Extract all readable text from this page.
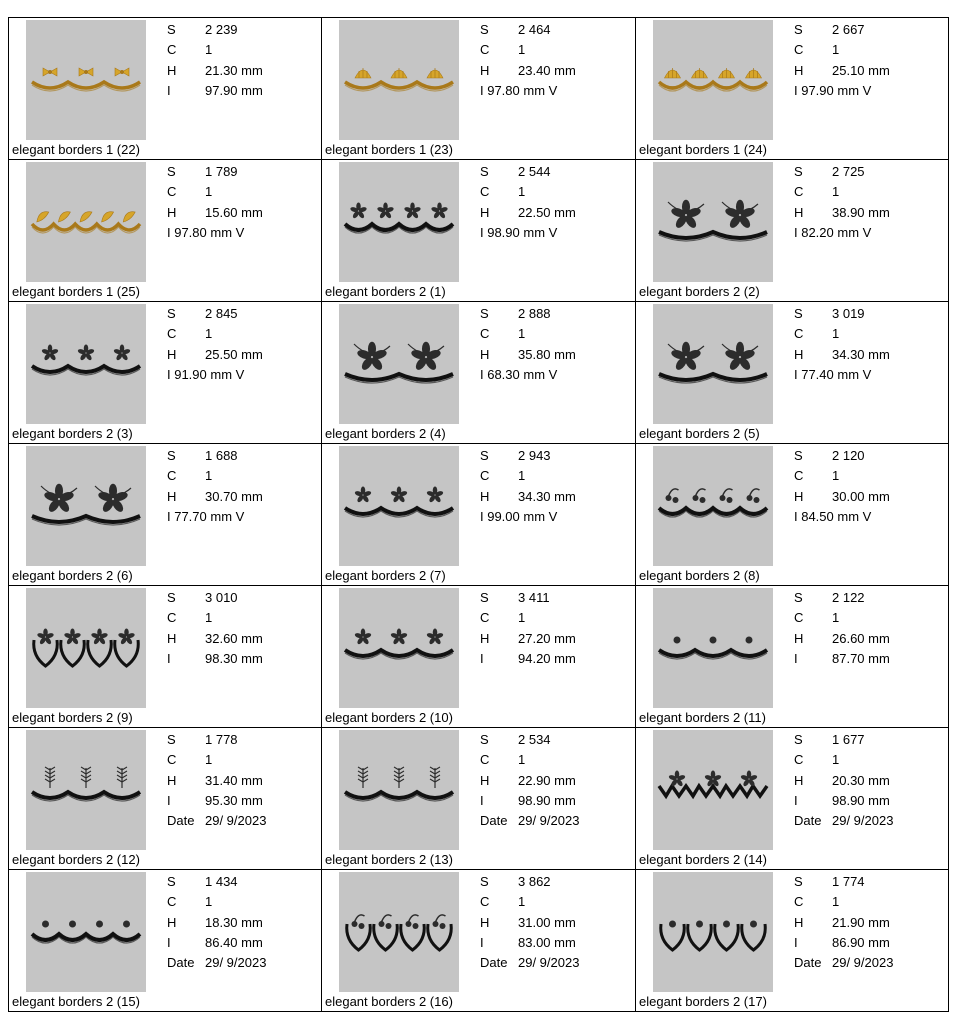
S 2 239
C 1
H 21.30 mm
I	97.90 mm
elegant borders 1 (22)
S 2 464
C 1
H 23.40 mm
I 97.80 mm V
elegant borders 1 (23)
S 2 667
C 1
H 25.10 mm
I 97.90 mm V
elegant borders 1 (24)
S 1 789
C 1
H 15.60 mm
I 97.80 mm V
elegant borders 1 (25)
S 2 544
C 1
H 22.50 mm
I 98.90 mm V
elegant borders 2 (1)
S 2 725
C 1
H 38.90 mm
I 82.20 mm V
elegant borders 2 (2)
S 2 845
C 1
H 25.50 mm
I 91.90 mm V
elegant borders 2 (3)
S 2 888
C 1
H 35.80 mm
I 68.30 mm V
elegant borders 2 (4)
S 3 019
C 1
H 34.30 mm
I 77.40 mm V
elegant borders 2 (5)
S 1 688
C 1
H 30.70 mm
I 77.70 mm V
elegant borders 2 (6)
S 2 943
C 1
H 34.30 mm
I 99.00 mm V
elegant borders 2 (7)
S 2 120
C 1
H 30.00 mm
I 84.50 mm V
elegant borders 2 (8)
S 3 010
C 1
H 32.60 mm
I	98.30 mm
elegant borders 2 (9)
S 3 411
C 1
H 27.20 mm
I	94.20 mm
elegant borders 2 (10)
S 2 122
C 1
H 26.60 mm
I	87.70 mm
elegant borders 2 (11)
S 1 778
C 1
H 31.40 mm
I	95.30 mm
Date 29/ 9/2023
elegant borders 2 (12)
S 2 534
C 1
H 22.90 mm
I	98.90 mm
Date 29/ 9/2023
elegant borders 2 (13)
S 1 677
C 1
H 20.30 mm
I	98.90 mm
Date 29/ 9/2023
elegant borders 2 (14)
S 1 434
C 1
H 18.30 mm
I	86.40 mm
Date 29/ 9/2023
elegant borders 2 (15)
S 3 862
C 1
H 31.00 mm
I	83.00 mm
Date 29/ 9/2023
elegant borders 2 (16)
S 1 774
C 1
H 21.90 mm
I	86.90 mm
Date 29/ 9/2023
elegant borders 2 (17)
